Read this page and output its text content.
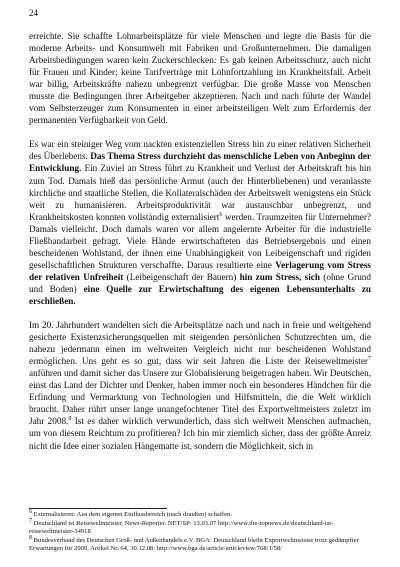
24

erreichte. Sie schaffte Lohnarbeitsplätze für viele Menschen und legte die Basis für die moderne Arbeits- und Konsumwelt mit Fabriken und Großunternehmen. Die damaligen Arbeitsbedingungen waren kein Zuckerschlecken: Es gab keinen Arbeitsschutz, auch nicht für Frauen und Kinder; keine Tarifverträge mit Lohnfortzahlung im Krankheitsfall. Arbeit war billig, Arbeitskräfte nahezu unbegrenzt verfügbar. Die große Masse von Menschen musste die Bedingungen ihrer Arbeitgeber akzeptieren. Nach und nach führte der Wandel vom Selbsterzeuger zum Konsumenten in einer arbeitsteiligen Welt zum Erfordernis der permanenten Verfügbarkeit von Geld.

Es war ein steiniger Weg vom nackten existenziellen Stress hin zu einer relativen Sicherheit des Überlebens. Das Thema Stress durchzieht das menschliche Leben von Anbeginn der Entwicklung. Ein Zuviel an Stress führt zu Krankheit und Verlust der Arbeitskraft bis hin zum Tod. Damals hieß das persönliche Armut (auch der Hinterbliebenen) und veranlasste kirchliche und staatliche Stellen, die Kollateralschäden der Arbeitswelt wenigstens ein Stück weit zu humanisieren. Arbeitsproduktivität war austauschbar unbegrenzt, und Krankheitskosten konnten vollständig externalisiert$^6$ werden. Traumzeiten für Unternehmer? Damals vielleicht. Doch damals waren vor allem angelernte Arbeiter für die industrielle Fließbandarbeit gefragt. Viele Hände erwirtschafteten das Betriebsergebnis und einen bescheidenen Wohlstand, der ihnen eine Unabhängigkeit von Leibeigenschaft und rigiden gesellschaftlichen Strukturen verschaffte. Daraus resultierte eine Verlagerung vom Stress der relativen Unfreiheit (Leibeigenschaft der Bauern) hin zum Stress, sich (ohne Grund und Boden) eine Quelle zur Erwirtschaftung des eigenen Lebensunterhalts zu erschließen.

Im 20. Jahrhundert wandelten sich die Arbeitsplätze nach und nach in freie und weitgehend gesicherte Existenzsicherungsquellen mit steigenden persönlichen Schutzrechten um, die nahezu jedermann einen im weltweiten Vergleich nicht nur bescheidenen Wohlstand ermöglichen. Uns geht es so gut, dass wir seit Jahren die Liste der Reiseweltmeister$^7$ anführen und damit sicher das Unsere zur Globalisierung beigetragen haben. Wir Deutschen, einst das Land der Dichter und Denker, haben immer noch ein besonderes Händchen für die Erfindung und Vermarktung von Technologien und Hilfsmitteln, die die Welt wirklich braucht. Daher rührt unser lange unangefochtener Titel des Exportweltmeisters zuletzt im Jahr 2008.$^8$ Ist es daher wirklich verwunderlich, dass sich weltweit Menschen aufmachen, um von diesem Reichtum zu profitieren? Ich bin mir ziemlich sicher, dass der größte Anreiz nicht die Idee einer sozialen Hängematte ist, sondern die Möglichkeit, sich in

$^6$ Externalisieren: Aus dem eigenen Einflussbereich (nach draußen) schaffen.
$^7$ Deutschland ist Reiseweltmeister, News-Reporter. NET/SP: 13.03.07 http://www.die-topnews.de/deutschland-ist-reiseweltmeister-34918
$^8$ Bundesverband des Deutschen Groß- und Außenhandels e.V. BGA: Deutschland bleibt Exportweltmeister trotz gedämpfter Erwartungen für 2009, Artikel Nr. 64, 30.12.08: http://www.bga.de/article/articleview/768/1/58/
